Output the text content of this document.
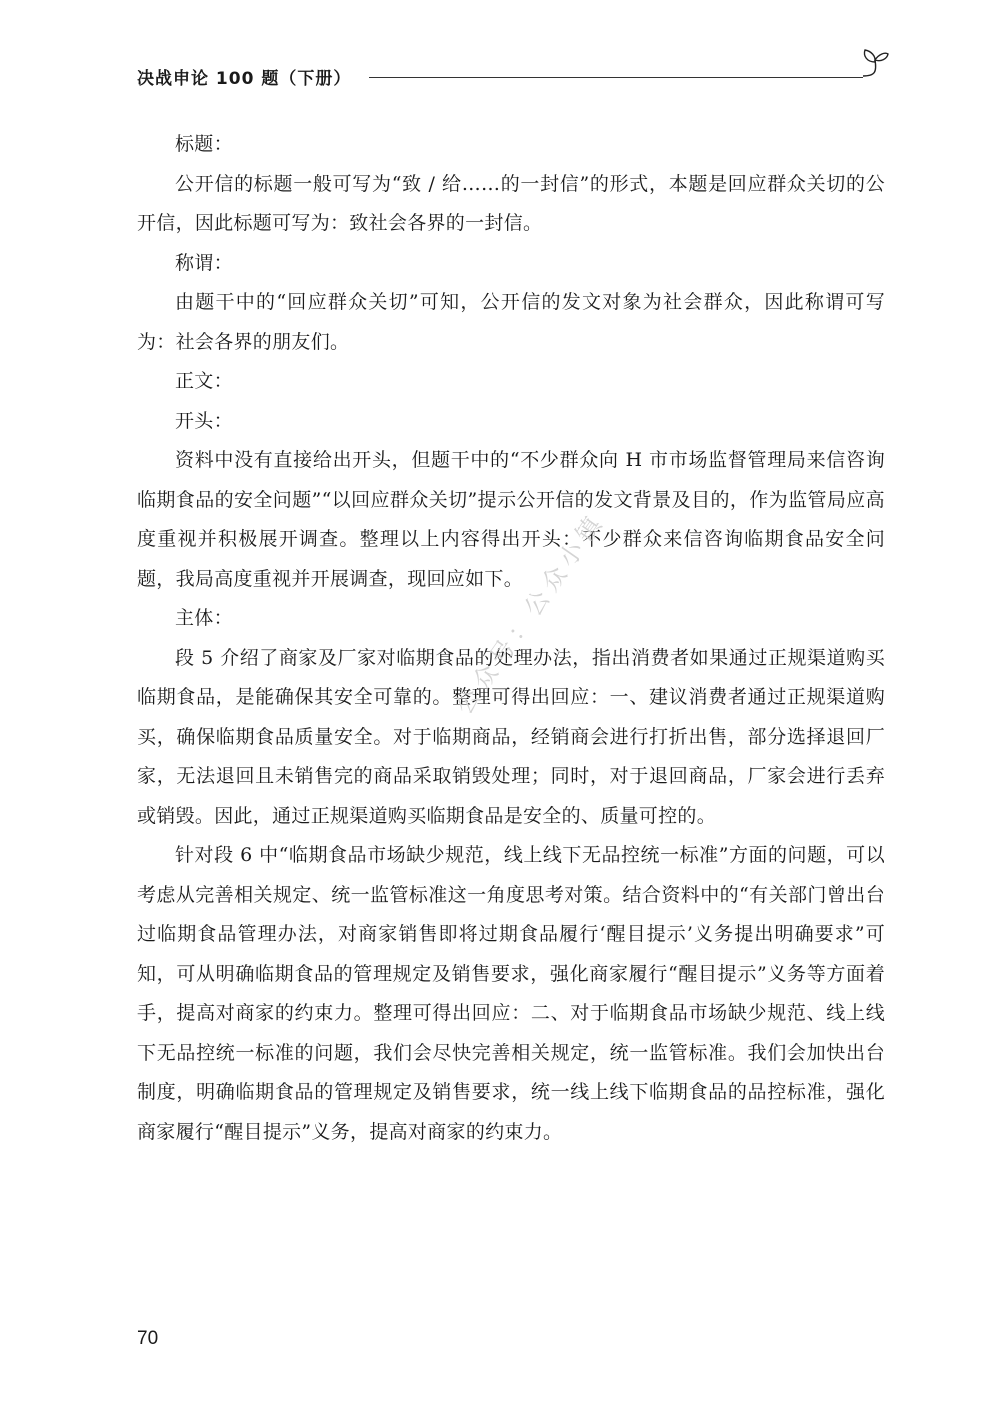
决战申论 100 题（下册）

标题：

公开信的标题一般可写为“致 / 给……的一封信”的形式，本题是回应群众关切的公开信，因此标题可写为：致社会各界的一封信。

称谓：

由题干中的“回应群众关切”可知，公开信的发文对象为社会群众，因此称谓可写为：社会各界的朋友们。

正文：

开头：

资料中没有直接给出开头，但题干中的“不少群众向 H 市市场监督管理局来信咨询临期食品的安全问题”“以回应群众关切”提示公开信的发文背景及目的，作为监管局应高度重视并积极展开调查。整理以上内容得出开头：不少群众来信咨询临期食品安全问题，我局高度重视并开展调查，现回应如下。

主体：

段 5 介绍了商家及厂家对临期食品的处理办法，指出消费者如果通过正规渠道购买临期食品，是能确保其安全可靠的。整理可得出回应：一、建议消费者通过正规渠道购买，确保临期食品质量安全。对于临期商品，经销商会进行打折出售，部分选择退回厂家，无法退回且未销售完的商品采取销毁处理；同时，对于退回商品，厂家会进行丢弃或销毁。因此，通过正规渠道购买临期食品是安全的、质量可控的。

针对段 6 中“临期食品市场缺少规范，线上线下无品控统一标准”方面的问题，可以考虑从完善相关规定、统一监管标准这一角度思考对策。结合资料中的“有关部门曾出台过临期食品管理办法，对商家销售即将过期食品履行‘醒目提示’义务提出明确要求”可知，可从明确临期食品的管理规定及销售要求，强化商家履行“醒目提示”义务等方面着手，提高对商家的约束力。整理可得出回应：二、对于临期食品市场缺少规范、线上线下无品控统一标准的问题，我们会尽快完善相关规定，统一监管标准。我们会加快出台制度，明确临期食品的管理规定及销售要求，统一线上线下临期食品的品控标准，强化商家履行“醒目提示”义务，提高对商家的约束力。

公众号：公众小镇
70
